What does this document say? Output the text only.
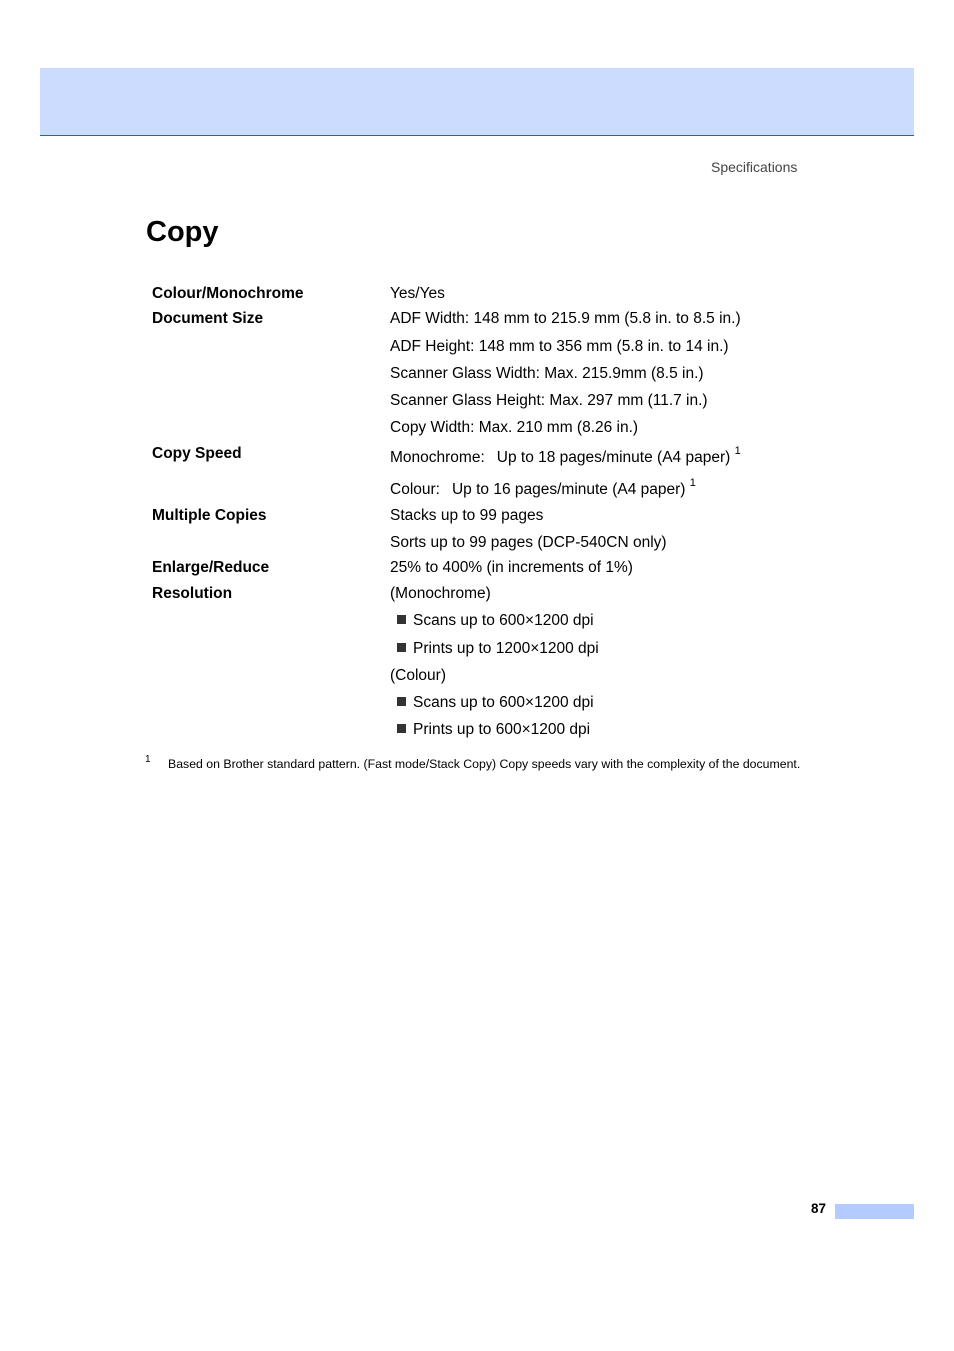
Specifications
Copy
Colour/Monochrome	Yes/Yes
Document Size	ADF Width: 148 mm to 215.9 mm (5.8 in. to 8.5 in.)
ADF Height: 148 mm to 356 mm (5.8 in. to 14 in.)
Scanner Glass Width: Max. 215.9mm (8.5 in.)
Scanner Glass Height: Max. 297 mm (11.7 in.)
Copy Width: Max. 210 mm (8.26 in.)
Copy Speed	Monochrome: Up to 18 pages/minute (A4 paper) $^1$
Colour: Up to 16 pages/minute (A4 paper) $^1$
Multiple Copies	Stacks up to 99 pages
Sorts up to 99 pages (DCP-540CN only)
Enlarge/Reduce	25% to 400% (in increments of 1%)
Resolution	(Monochrome)
Scans up to 600×1200 dpi
Prints up to 1200×1200 dpi
(Colour)
Scans up to 600×1200 dpi
Prints up to 600×1200 dpi
1 Based on Brother standard pattern. (Fast mode/Stack Copy) Copy speeds vary with the complexity of the document.
87
